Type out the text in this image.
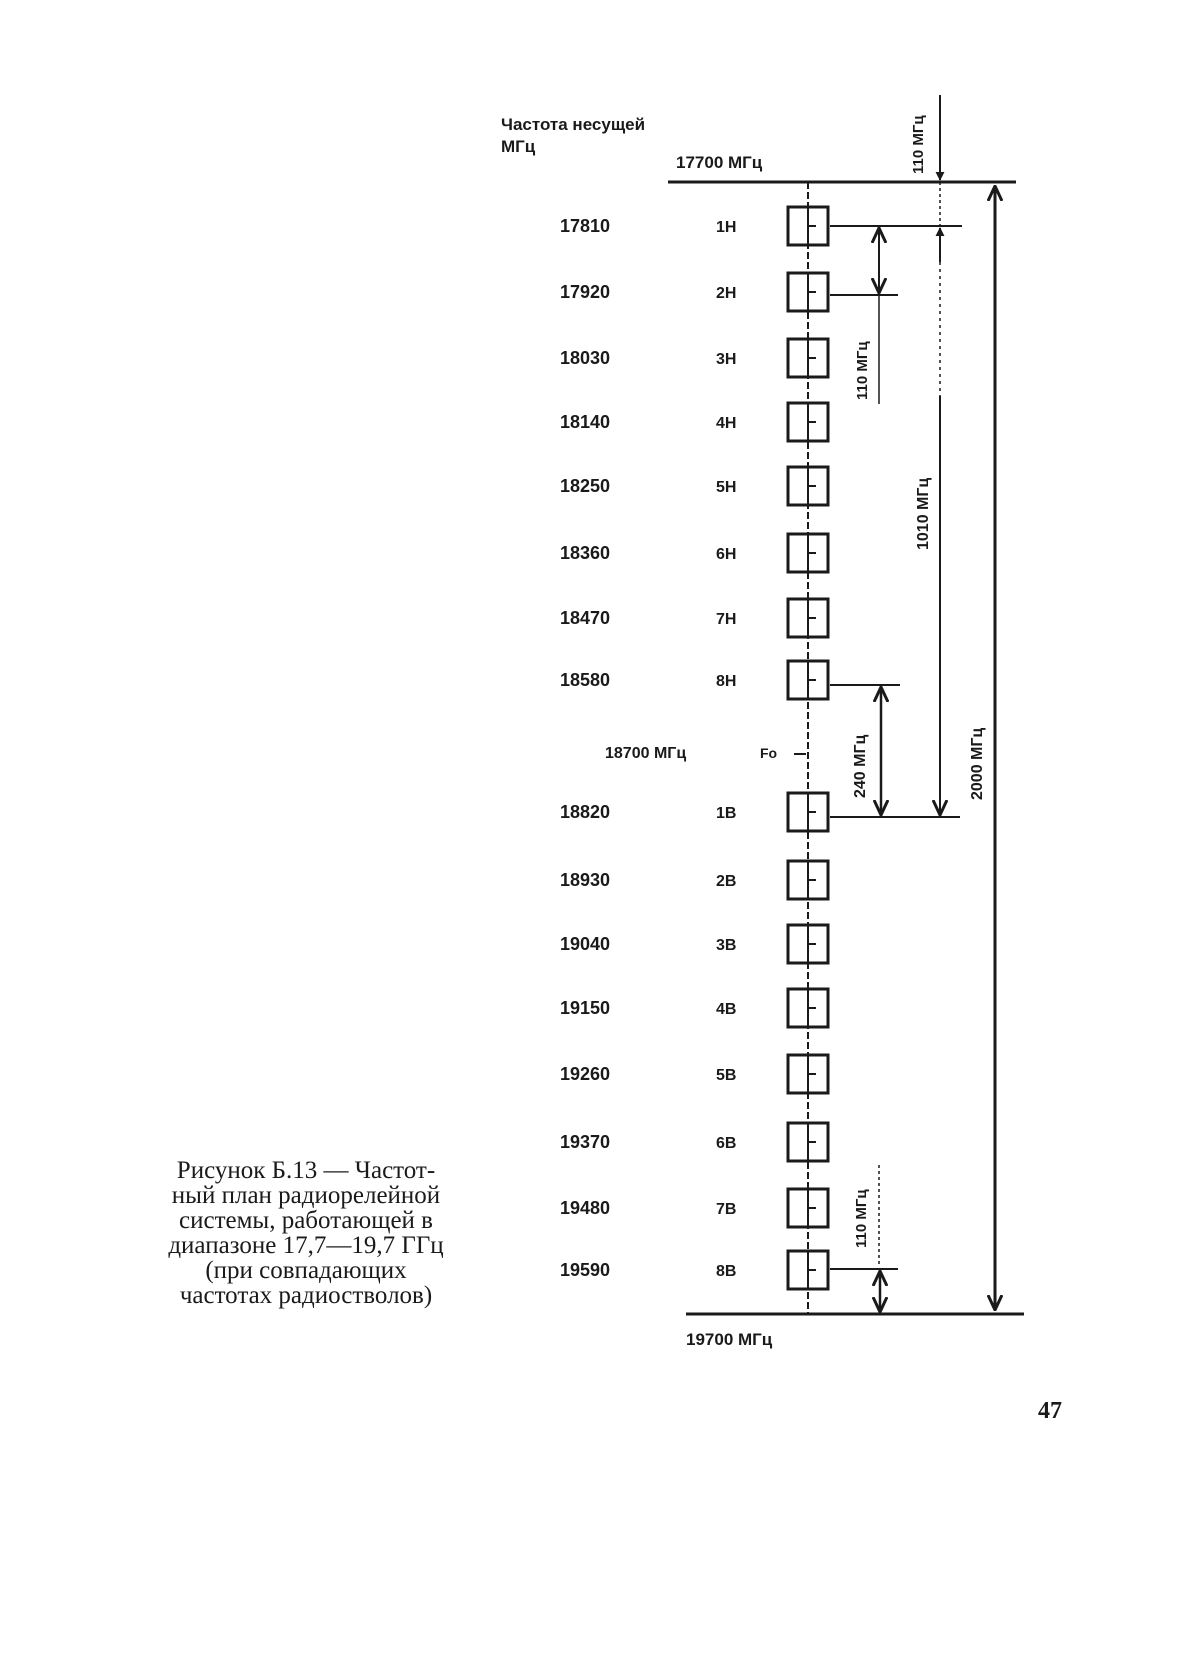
Частота несущей
МГц
17700 МГц
19700 МГц
17810	1Н
17920	2Н
18030	3Н
18140	4Н
18250	5Н
18360	6Н
18470	7Н
18580	8Н
18820	1В
18930	2В
19040	3В
19150	4В
19260	5В
19370	6В
19480	7В
19590	8В
18700 МГц	Fo
110 МГц
110 МГц
1010 МГц
240 МГц	2000 МГц
110 МГц
Рисунок Б.13 — Частот-
ный план радиорелейной
системы, работающей в
диапазоне 17,7—19,7 ГГц
(при совпадающих
частотах радиостволов)
47
